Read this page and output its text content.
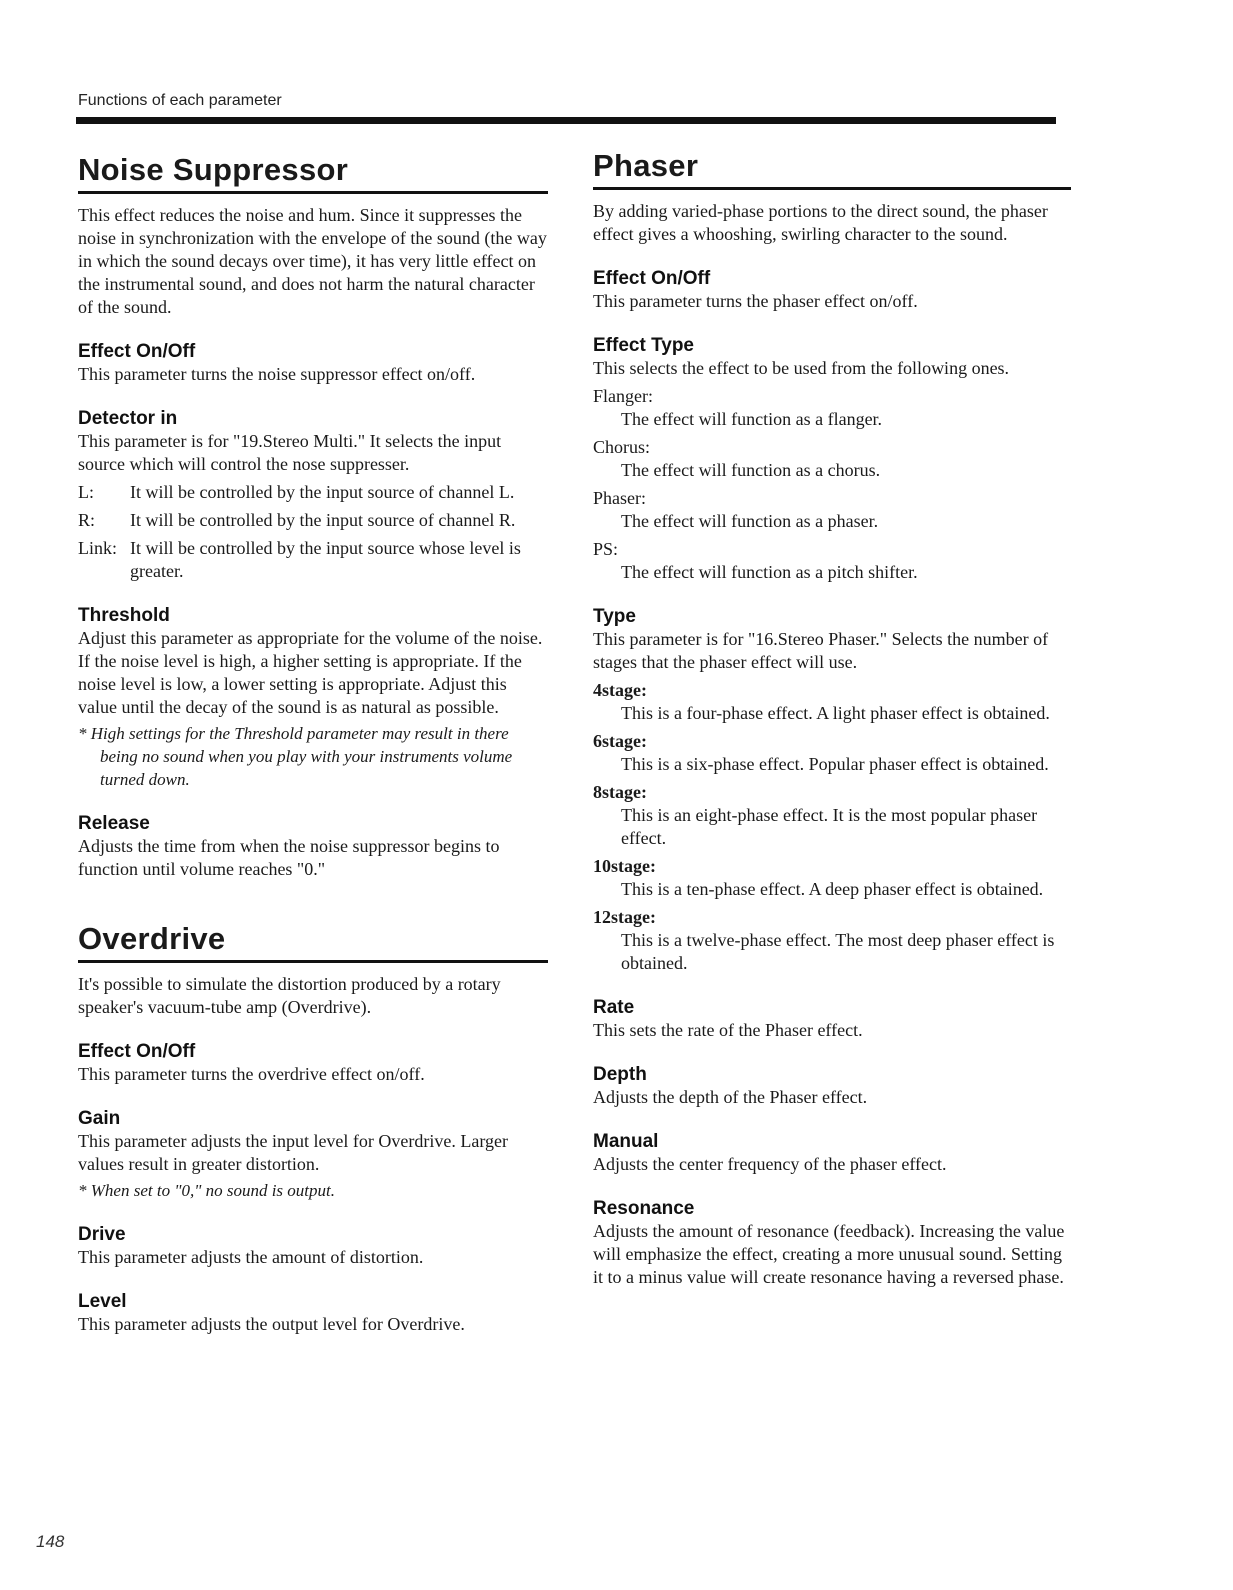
Functions of each parameter
Noise Suppressor

This effect reduces the noise and hum. Since it suppresses the noise in synchronization with the envelope of the sound (the way in which the sound decays over time), it has very little effect on the instrumental sound, and does not harm the natural character of the sound.

Effect On/Off

This parameter turns the noise suppressor effect on/off.

Detector in

This parameter is for "19.Stereo Multi." It selects the input source which will control the nose suppresser.

L:	It will be controlled by the input source of channel L.
R:	It will be controlled by the input source of channel R.
Link: It will be controlled by the input source whose level is greater.
Threshold

Adjust this parameter as appropriate for the volume of the noise. If the noise level is high, a higher setting is appropriate. If the noise level is low, a lower setting is appropriate. Adjust this value until the decay of the sound is as natural as possible.

* High settings for the Threshold parameter may result in there being no sound when you play with your instruments volume turned down.

Release

Adjusts the time from when the noise suppressor begins to function until volume reaches "0."

Overdrive

It's possible to simulate the distortion produced by a rotary speaker's vacuum-tube amp (Overdrive).

Effect On/Off

This parameter turns the overdrive effect on/off.

Gain

This parameter adjusts the input level for Overdrive. Larger values result in greater distortion.

* When set to "0," no sound is output.

Drive

This parameter adjusts the amount of distortion.

Level

This parameter adjusts the output level for Overdrive.

Phaser

By adding varied-phase portions to the direct sound, the phaser effect gives a whooshing, swirling character to the sound.

Effect On/Off

This parameter turns the phaser effect on/off.

Effect Type

This selects the effect to be used from the following ones.

Flanger:
The effect will function as a flanger.
Chorus:
The effect will function as a chorus.
Phaser:
The effect will function as a phaser.
PS:
The effect will function as a pitch shifter.
Type

This parameter is for "16.Stereo Phaser." Selects the number of stages that the phaser effect will use.

4stage:
This is a four-phase effect. A light phaser effect is obtained.
6stage:
This is a six-phase effect. Popular phaser effect is obtained.
8stage:
This is an eight-phase effect. It is the most popular phaser effect.
10stage:
This is a ten-phase effect. A deep phaser effect is obtained.
12stage:
This is a twelve-phase effect. The most deep phaser effect is obtained.
Rate

This sets the rate of the Phaser effect.

Depth

Adjusts the depth of the Phaser effect.

Manual

Adjusts the center frequency of the phaser effect.

Resonance

Adjusts the amount of resonance (feedback). Increasing the value will emphasize the effect, creating a more unusual sound. Setting it to a minus value will create resonance having a reversed phase.

148
